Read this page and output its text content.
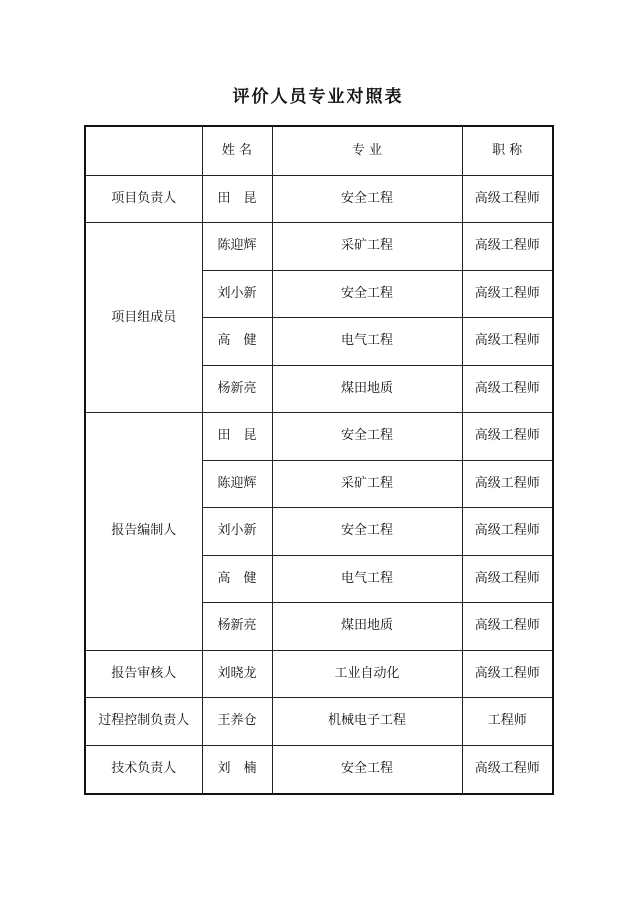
评价人员专业对照表
	姓 名	专 业	职 称
项目负责人	田　昆	安全工程	高级工程师
项目组成员	陈迎辉	采矿工程	高级工程师
	刘小新	安全工程	高级工程师
	高　健	电气工程	高级工程师
	杨新亮	煤田地质	高级工程师
报告编制人	田　昆	安全工程	高级工程师
	陈迎辉	采矿工程	高级工程师
	刘小新	安全工程	高级工程师
	高　健	电气工程	高级工程师
	杨新亮	煤田地质	高级工程师
报告审核人	刘晓龙	工业自动化	高级工程师
过程控制负责人	王养仓	机械电子工程	工程师
技术负责人	刘　楠	安全工程	高级工程师
